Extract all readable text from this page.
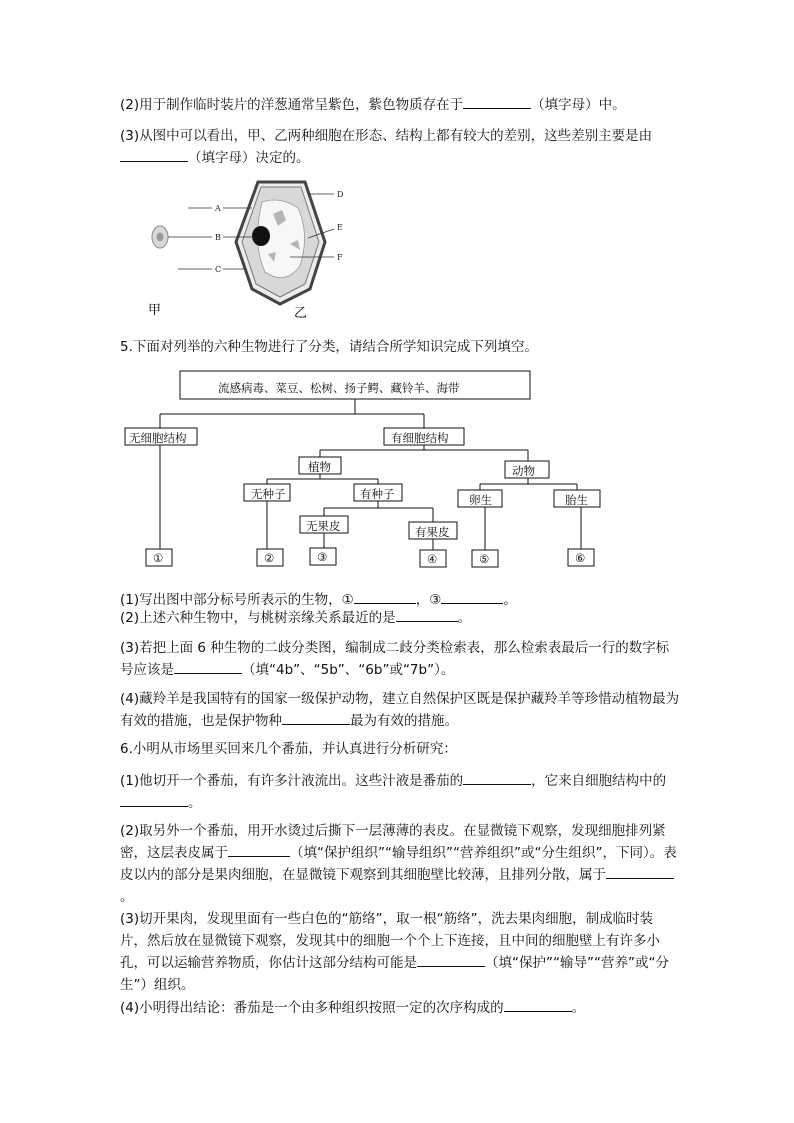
(2)用于制作临时装片的洋葱通常呈紫色，紫色物质存在于	（填字母）中。

(3)从图中可以看出，甲、乙两种细胞在形态、结构上都有较大的差别，这些差别主要是由（填字母）决定的。

A
B
C
D
E
F
甲	乙

5.下面对列举的六种生物进行了分类，请结合所学知识完成下列填空。

流感病毒、菜豆、松树、扬子鳄、藏铃羊、海带
无细胞结构	有细胞结构
植物	动物
无种子	有种子	卵生	胎生
无果皮	有果皮
①	②	③	④	⑤	⑥

(1)写出图中部分标号所表示的生物，①	，③	。

(2)上述六种生物中，与桃树亲缘关系最近的是	。

(3)若把上面 6 种生物的二歧分类图，编制成二歧分类检索表，那么检索表最后一行的数字标号应该是	（填“4b”、“5b”、“6b”或“7b”）。

(4)藏羚羊是我国特有的国家一级保护动物，建立自然保护区既是保护藏羚羊等珍惜动植物最为有效的措施，也是保护物种	最为有效的措施。

6.小明从市场里买回来几个番茄，并认真进行分析研究：

(1)他切开一个番茄，有许多汁液流出。这些汁液是番茄的	，它来自细胞结构中的。

(2)取另外一个番茄，用开水烫过后撕下一层薄薄的表皮。在显微镜下观察，发现细胞排列紧密，这层表皮属于	（填“保护组织”“输导组织”“营养组织”或“分生组织”，下同）。表皮以内的部分是果肉细胞，在显微镜下观察到其细胞壁比较薄，且排列分散，属于。

(3)切开果肉，发现里面有一些白色的“筋络”，取一根“筋络”，洗去果肉细胞，制成临时装片，然后放在显微镜下观察，发现其中的细胞一个个上下连接，且中间的细胞壁上有许多小孔，可以运输营养物质，你估计这部分结构可能是	（填“保护”“输导”“营养”或“分生”）组织。

(4)小明得出结论：番茄是一个由多种组织按照一定的次序构成的	。
